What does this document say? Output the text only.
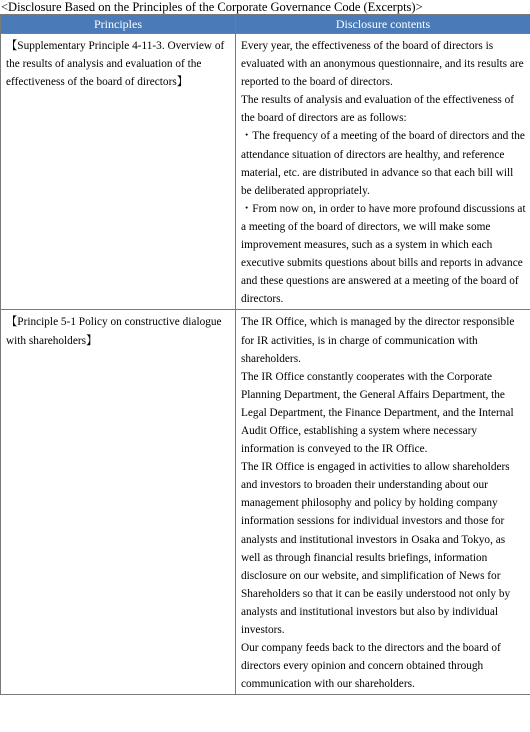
<Disclosure Based on the Principles of the Corporate Governance Code (Excerpts)>
Principles	Disclosure contents

【Supplementary Principle 4-11-3. Overview of the results of analysis and evaluation of the effectiveness of the board of directors】	Every year, the effectiveness of the board of directors is evaluated with an anonymous questionnaire, and its results are reported to the board of directors.

The results of analysis and evaluation of the effectiveness of the board of directors are as follows:

・The frequency of a meeting of the board of directors and the attendance situation of directors are healthy, and reference material, etc. are distributed in advance so that each bill will be deliberated appropriately.

・From now on, in order to have more profound discussions at a meeting of the board of directors, we will make some improvement measures, such as a system in which each executive submits questions about bills and reports in advance and these questions are answered at a meeting of the board of directors.

【Principle 5-1 Policy on constructive dialogue with shareholders】	The IR Office, which is managed by the director responsible for IR activities, is in charge of communication with shareholders.

The IR Office constantly cooperates with the Corporate Planning Department, the General Affairs Department, the Legal Department, the Finance Department, and the Internal Audit Office, establishing a system where necessary information is conveyed to the IR Office.

The IR Office is engaged in activities to allow shareholders and investors to broaden their understanding about our management philosophy and policy by holding company information sessions for individual investors and those for analysts and institutional investors in Osaka and Tokyo, as well as through financial results briefings, information disclosure on our website, and simplification of News for Shareholders so that it can be easily understood not only by analysts and institutional investors but also by individual investors.

Our company feeds back to the directors and the board of directors every opinion and concern obtained through communication with our shareholders.
